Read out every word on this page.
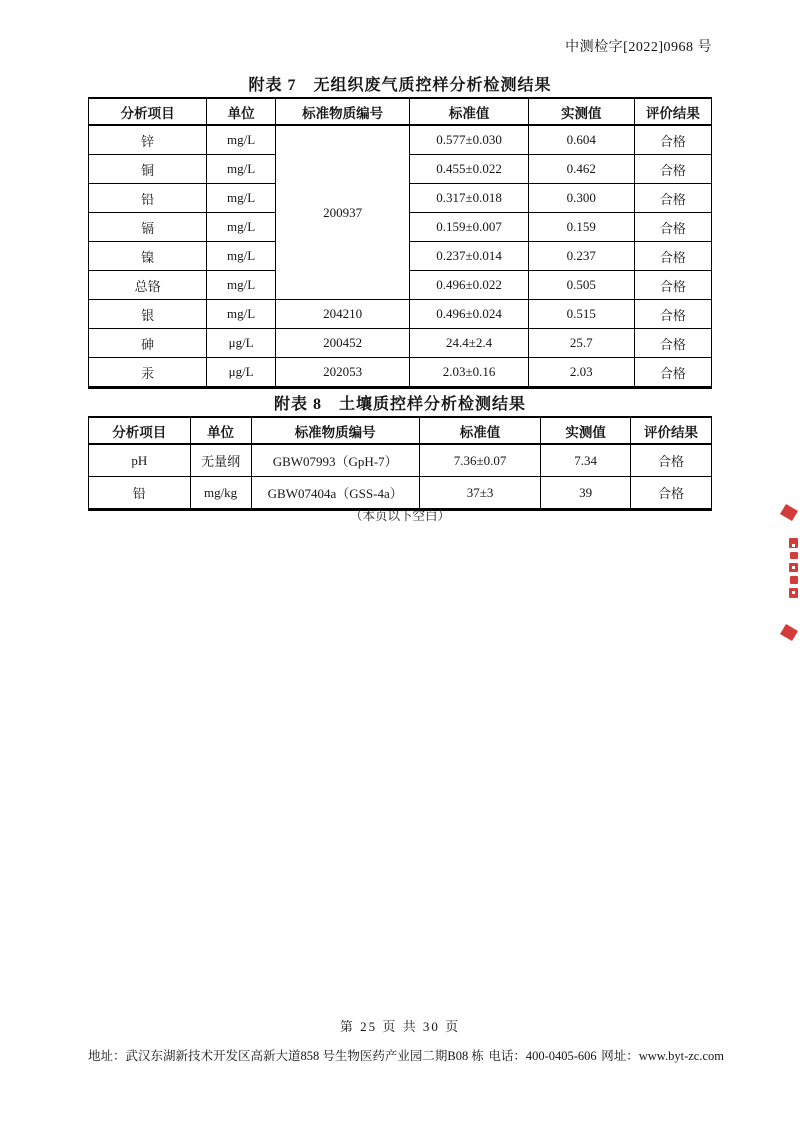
中测检字[2022]0968 号
附表 7　无组织废气质控样分析检测结果
分析项目	单位	标准物质编号	标准值	实测值	评价结果
锌	mg/L	200937	0.577±0.030	0.604	合格
铜	mg/L		0.455±0.022	0.462	合格
铅	mg/L		0.317±0.018	0.300	合格
镉	mg/L		0.159±0.007	0.159	合格
镍	mg/L		0.237±0.014	0.237	合格
总铬	mg/L		0.496±0.022	0.505	合格
银	mg/L	204210	0.496±0.024	0.515	合格
砷	μg/L	200452	24.4±2.4	25.7	合格
汞	μg/L	202053	2.03±0.16	2.03	合格
附表 8　土壤质控样分析检测结果
分析项目	单位	标准物质编号	标准值	实测值	评价结果
pH	无量纲	GBW07993（GpH-7）	7.36±0.07	7.34	合格
铅	mg/kg	GBW07404a（GSS-4a）	37±3	39	合格
（本页以下空白）
第 25 页 共 30 页
地址：武汉东湖新技术开发区高新大道858 号生物医药产业园二期B08 栋 电话：400-0405-606 网址：www.byt-zc.com
